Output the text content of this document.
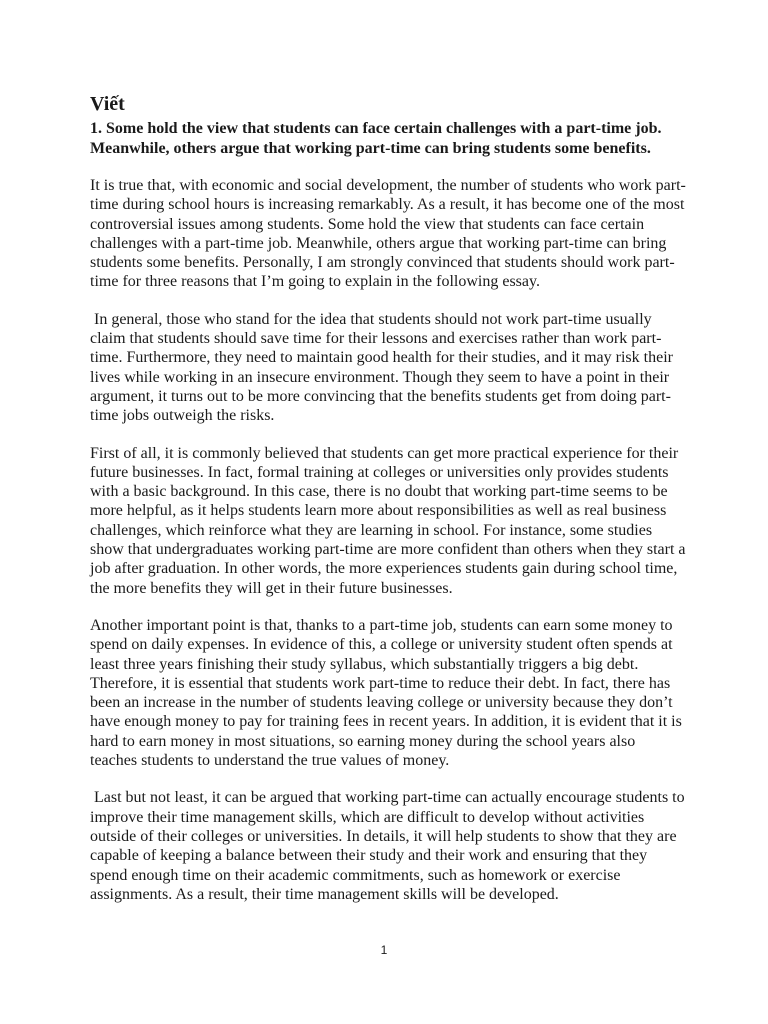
Viết
1. Some hold the view that students can face certain challenges with a part-time job. Meanwhile, others argue that working part-time can bring students some benefits.

It is true that, with economic and social development, the number of students who work part-time during school hours is increasing remarkably. As a result, it has become one of the most controversial issues among students. Some hold the view that students can face certain challenges with a part-time job. Meanwhile, others argue that working part-time can bring students some benefits. Personally, I am strongly convinced that students should work part-time for three reasons that I’m going to explain in the following essay.

In general, those who stand for the idea that students should not work part-time usually claim that students should save time for their lessons and exercises rather than work part-time. Furthermore, they need to maintain good health for their studies, and it may risk their lives while working in an insecure environment. Though they seem to have a point in their argument, it turns out to be more convincing that the benefits students get from doing part-time jobs outweigh the risks.

First of all, it is commonly believed that students can get more practical experience for their future businesses. In fact, formal training at colleges or universities only provides students with a basic background. In this case, there is no doubt that working part-time seems to be more helpful, as it helps students learn more about responsibilities as well as real business challenges, which reinforce what they are learning in school. For instance, some studies show that undergraduates working part-time are more confident than others when they start a job after graduation. In other words, the more experiences students gain during school time, the more benefits they will get in their future businesses.

Another important point is that, thanks to a part-time job, students can earn some money to spend on daily expenses. In evidence of this, a college or university student often spends at least three years finishing their study syllabus, which substantially triggers a big debt. Therefore, it is essential that students work part-time to reduce their debt. In fact, there has been an increase in the number of students leaving college or university because they don’t have enough money to pay for training fees in recent years. In addition, it is evident that it is hard to earn money in most situations, so earning money during the school years also teaches students to understand the true values of money.

Last but not least, it can be argued that working part-time can actually encourage students to improve their time management skills, which are difficult to develop without activities outside of their colleges or universities. In details, it will help students to show that they are capable of keeping a balance between their study and their work and ensuring that they spend enough time on their academic commitments, such as homework or exercise assignments. As a result, their time management skills will be developed.

1
